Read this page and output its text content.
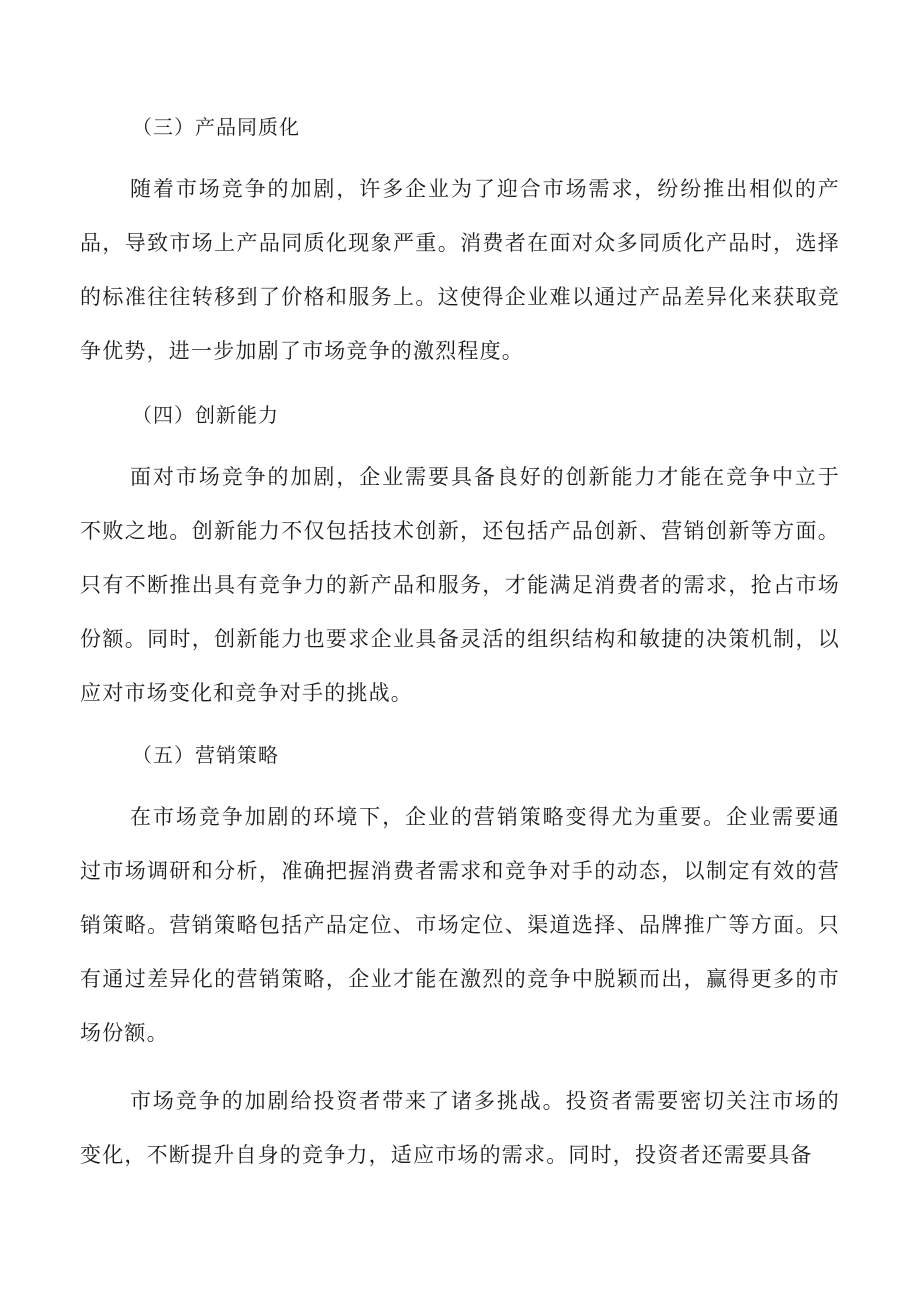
（三）产品同质化

随着市场竞争的加剧，许多企业为了迎合市场需求，纷纷推出相似的产品，导致市场上产品同质化现象严重。消费者在面对众多同质化产品时，选择的标准往往转移到了价格和服务上。这使得企业难以通过产品差异化来获取竞争优势，进一步加剧了市场竞争的激烈程度。

（四）创新能力

面对市场竞争的加剧，企业需要具备良好的创新能力才能在竞争中立于不败之地。创新能力不仅包括技术创新，还包括产品创新、营销创新等方面。只有不断推出具有竞争力的新产品和服务，才能满足消费者的需求，抢占市场份额。同时，创新能力也要求企业具备灵活的组织结构和敏捷的决策机制，以应对市场变化和竞争对手的挑战。

（五）营销策略

在市场竞争加剧的环境下，企业的营销策略变得尤为重要。企业需要通过市场调研和分析，准确把握消费者需求和竞争对手的动态，以制定有效的营销策略。营销策略包括产品定位、市场定位、渠道选择、品牌推广等方面。只有通过差异化的营销策略，企业才能在激烈的竞争中脱颖而出，赢得更多的市场份额。

市场竞争的加剧给投资者带来了诸多挑战。投资者需要密切关注市场的变化，不断提升自身的竞争力，适应市场的需求。同时，投资者还需要具备
